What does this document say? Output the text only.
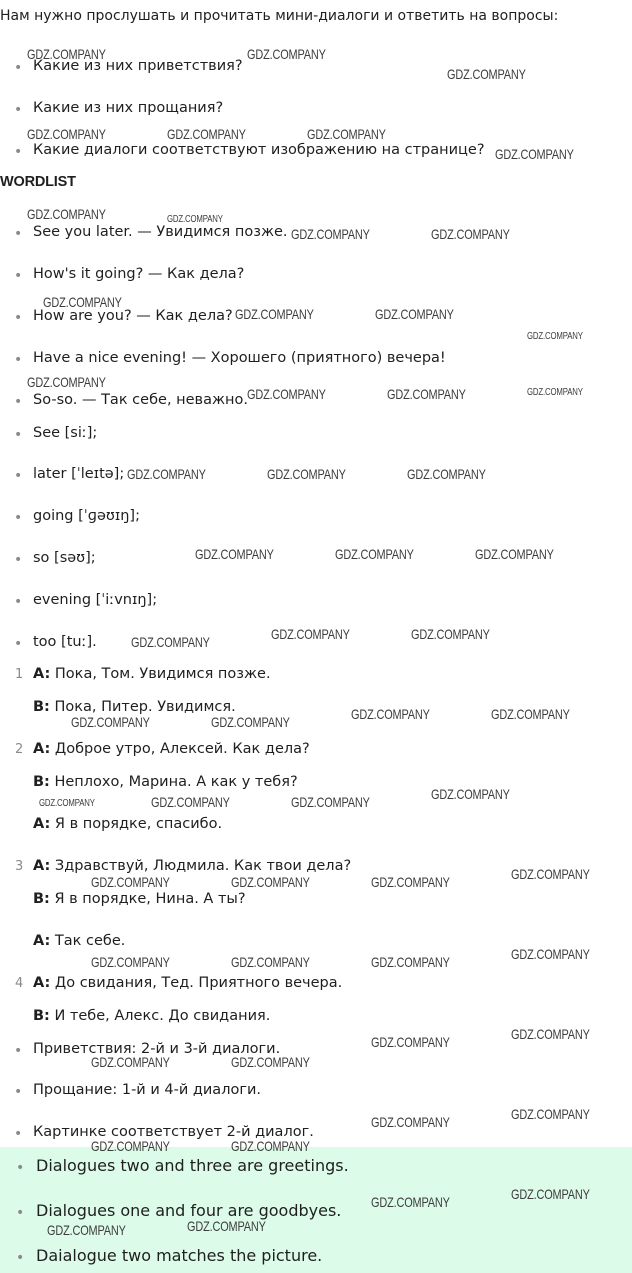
Нам нужно прослушать и прочитать мини-диалоги и ответить на вопросы:
• Какие из них приветствия?
• Какие из них прощания?
• Какие диалоги соответствуют изображению на странице?
WORDLIST
• See you later. — Увидимся позже.
• How's it going? — Как дела?
• How are you? — Как дела?
• Have a nice evening! — Хорошего (приятного) вечера!
• So-so. — Так себе, неважно.
• See [siː];
• later [ˈleɪtə];
• going [ˈɡəʊɪŋ];
• so [səʊ];
• evening [ˈiːvnɪŋ];
• too [tuː].
1 A: Пока, Том. Увидимся позже.
B: Пока, Питер. Увидимся.
2 A: Доброе утро, Алексей. Как дела?
B: Неплохо, Марина. А как у тебя?
A: Я в порядке, спасибо.
3 A: Здравствуй, Людмила. Как твои дела?
B: Я в порядке, Нина. А ты?
A: Так себе.
4 A: До свидания, Тед. Приятного вечера.
B: И тебе, Алекс. До свидания.
• Приветствия: 2-й и 3-й диалоги.
• Прощание: 1-й и 4-й диалоги.
• Картинке соответствует 2-й диалог.
• Dialogues two and three are greetings.
• Dialogues one and four are goodbyes.
• Daialogue two matches the picture.
GDZ.COMPANY	GDZ.COMPANY
GDZ.COMPANY
GDZ.COMPANY	GDZ.COMPANY	GDZ.COMPANY
GDZ.COMPANY
GDZ.COMPANY	GDZ.COMPANY
GDZ.COMPANY	GDZ.COMPANY
GDZ.COMPANY
GDZ.COMPANY	GDZ.COMPANY
GDZ.COMPANY
GDZ.COMPANY
GDZ.COMPANY	GDZ.COMPANY	GDZ.COMPANY
GDZ.COMPANY	GDZ.COMPANY	GDZ.COMPANY
GDZ.COMPANY	GDZ.COMPANY	GDZ.COMPANY
GDZ.COMPANY	GDZ.COMPANY	GDZ.COMPANY
GDZ.COMPANY	GDZ.COMPANY	GDZ.COMPANY	GDZ.COMPANY
GDZ.COMPANY	GDZ.COMPANY	GDZ.COMPANY	GDZ.COMPANY
GDZ.COMPANY	GDZ.COMPANY	GDZ.COMPANY	GDZ.COMPANY
GDZ.COMPANY	GDZ.COMPANY	GDZ.COMPANY	GDZ.COMPANY
GDZ.COMPANY	GDZ.COMPANY
GDZ.COMPANY	GDZ.COMPANY
GDZ.COMPANY	GDZ.COMPANY
GDZ.COMPANY	GDZ.COMPANY
GDZ.COMPANY	GDZ.COMPANY
GDZ.COMPANY	GDZ.COMPANY
